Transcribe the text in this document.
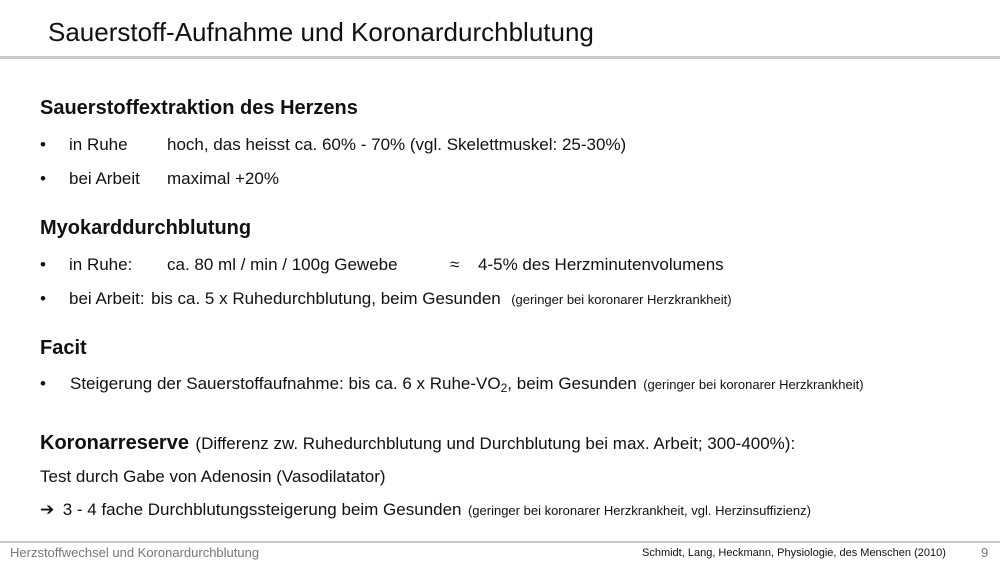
Sauerstoff-Aufnahme und Koronardurchblutung
Sauerstoffextraktion des Herzens
• in Ruhe hoch, das heisst ca. 60% - 70% (vgl. Skelettmuskel: 25-30%)
• bei Arbeit maximal +20%
Myokarddurchblutung
• in Ruhe: ca. 80 ml / min / 100g Gewebe	≈ 4-5% des Herzminutenvolumens
• bei Arbeit: bis ca. 5 x Ruhedurchblutung, beim Gesunden (geringer bei koronarer Herzkrankheit)
Facit
• Steigerung der Sauerstoffaufnahme: bis ca. 6 x Ruhe-$VO_2$, beim Gesunden (geringer bei koronarer Herzkrankheit)
Koronarreserve (Differenz zw. Ruhedurchblutung und Durchblutung bei max. Arbeit; 300-400%):
Test durch Gabe von Adenosin (Vasodilatator)
➔ 3 - 4 fache Durchblutungssteigerung beim Gesunden (geringer bei koronarer Herzkrankheit, vgl. Herzinsuffizienz)
Herzstoffwechsel und Koronardurchblutung	Schmidt, Lang, Heckmann, Physiologie, des Menschen (2010)	9
